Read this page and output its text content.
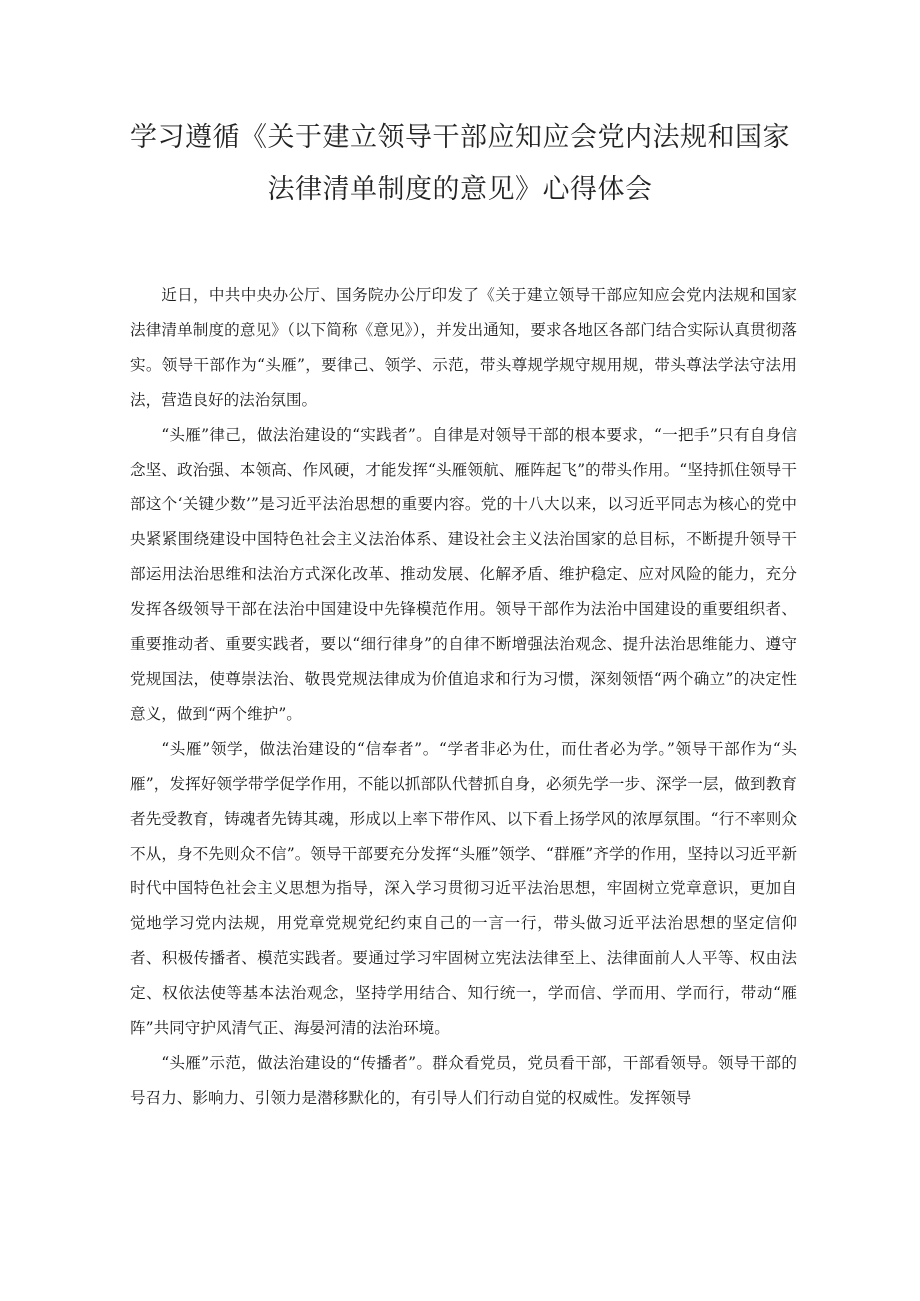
学习遵循《关于建立领导干部应知应会党内法规和国家
法律清单制度的意见》心得体会

近日，中共中央办公厅、国务院办公厅印发了《关于建立领导干部应知应会党内法规和国家法律清单制度的意见》（以下简称《意见》），并发出通知，要求各地区各部门结合实际认真贯彻落实。领导干部作为“头雁”，要律己、领学、示范，带头尊规学规守规用规，带头尊法学法守法用法，营造良好的法治氛围。

“头雁”律己，做法治建设的“实践者”。自律是对领导干部的根本要求，“一把手”只有自身信念坚、政治强、本领高、作风硬，才能发挥“头雁领航、雁阵起飞”的带头作用。“坚持抓住领导干部这个‘关键少数’”是习近平法治思想的重要内容。党的十八大以来，以习近平同志为核心的党中央紧紧围绕建设中国特色社会主义法治体系、建设社会主义法治国家的总目标，不断提升领导干部运用法治思维和法治方式深化改革、推动发展、化解矛盾、维护稳定、应对风险的能力，充分发挥各级领导干部在法治中国建设中先锋模范作用。领导干部作为法治中国建设的重要组织者、重要推动者、重要实践者，要以“细行律身”的自律不断增强法治观念、提升法治思维能力、遵守党规国法，使尊崇法治、敬畏党规法律成为价值追求和行为习惯，深刻领悟“两个确立”的决定性意义，做到“两个维护”。

“头雁”领学，做法治建设的“信奉者”。“学者非必为仕，而仕者必为学。”领导干部作为“头雁”，发挥好领学带学促学作用，不能以抓部队代替抓自身，必须先学一步、深学一层，做到教育者先受教育，铸魂者先铸其魂，形成以上率下带作风、以下看上扬学风的浓厚氛围。“行不率则众不从，身不先则众不信”。领导干部要充分发挥“头雁”领学、“群雁”齐学的作用，坚持以习近平新时代中国特色社会主义思想为指导，深入学习贯彻习近平法治思想，牢固树立党章意识，更加自觉地学习党内法规，用党章党规党纪约束自己的一言一行，带头做习近平法治思想的坚定信仰者、积极传播者、模范实践者。要通过学习牢固树立宪法法律至上、法律面前人人平等、权由法定、权依法使等基本法治观念，坚持学用结合、知行统一，学而信、学而用、学而行，带动“雁阵”共同守护风清气正、海晏河清的法治环境。

“头雁”示范，做法治建设的“传播者”。群众看党员，党员看干部，干部看领导。领导干部的号召力、影响力、引领力是潜移默化的，有引导人们行动自觉的权威性。发挥领导
